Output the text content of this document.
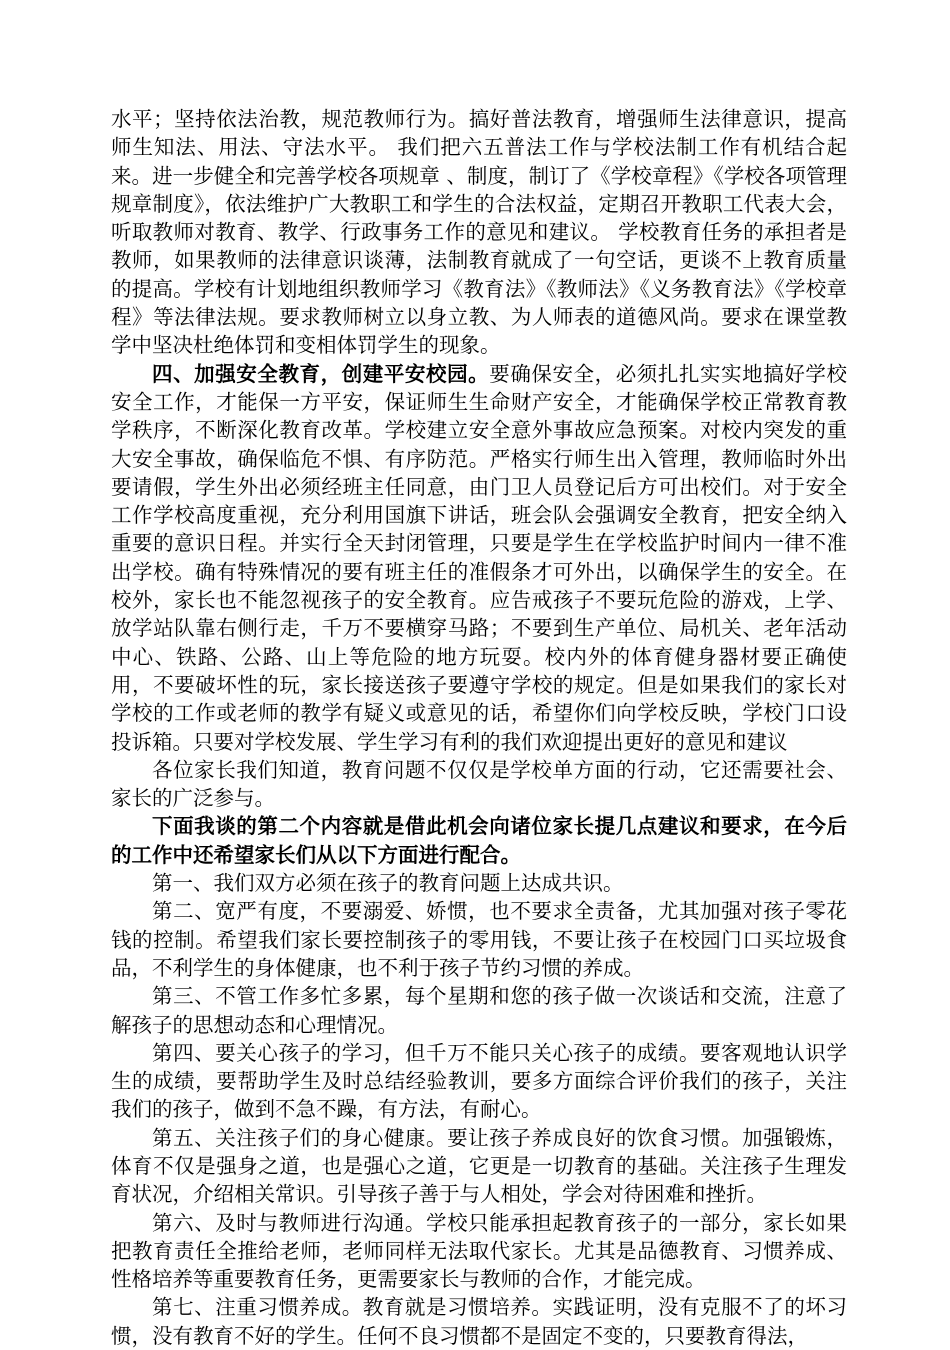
水平；坚持依法治教，规范教师行为。搞好普法教育，增强师生法律意识，提高师生知法、用法、守法水平。 我们把六五普法工作与学校法制工作有机结合起来。进一步健全和完善学校各项规章 、制度，制订了《学校章程》《学校各项管理规章制度》，依法维护广大教职工和学生的合法权益，定期召开教职工代表大会，听取教师对教育、教学、行政事务工作的意见和建议。 学校教育任务的承担者是教师，如果教师的法律意识谈薄，法制教育就成了一句空话，更谈不上教育质量的提高。学校有计划地组织教师学习《教育法》《教师法》《义务教育法》《学校章程》等法律法规。要求教师树立以身立教、为人师表的道德风尚。要求在课堂教学中坚决杜绝体罚和变相体罚学生的现象。

四、加强安全教育，创建平安校园。要确保安全，必须扎扎实实地搞好学校安全工作，才能保一方平安，保证师生生命财产安全，才能确保学校正常教育教学秩序，不断深化教育改革。学校建立安全意外事故应急预案。对校内突发的重大安全事故，确保临危不惧、有序防范。严格实行师生出入管理，教师临时外出要请假，学生外出必须经班主任同意，由门卫人员登记后方可出校们。对于安全工作学校高度重视，充分利用国旗下讲话，班会队会强调安全教育，把安全纳入重要的意识日程。并实行全天封闭管理，只要是学生在学校监护时间内一律不准出学校。确有特殊情况的要有班主任的准假条才可外出，以确保学生的安全。在校外，家长也不能忽视孩子的安全教育。应告戒孩子不要玩危险的游戏，上学、放学站队靠右侧行走，千万不要横穿马路；不要到生产单位、局机关、老年活动中心、铁路、公路、山上等危险的地方玩耍。校内外的体育健身器材要正确使用，不要破坏性的玩，家长接送孩子要遵守学校的规定。但是如果我们的家长对学校的工作或老师的教学有疑义或意见的话，希望你们向学校反映，学校门口设投诉箱。只要对学校发展、学生学习有利的我们欢迎提出更好的意见和建议

各位家长我们知道，教育问题不仅仅是学校单方面的行动，它还需要社会、家长的广泛参与。

下面我谈的第二个内容就是借此机会向诸位家长提几点建议和要求，在今后的工作中还希望家长们从以下方面进行配合。

第一、我们双方必须在孩子的教育问题上达成共识。

第二、宽严有度，不要溺爱、娇惯，也不要求全责备，尤其加强对孩子零花钱的控制。希望我们家长要控制孩子的零用钱，不要让孩子在校园门口买垃圾食品，不利学生的身体健康，也不利于孩子节约习惯的养成。

第三、不管工作多忙多累，每个星期和您的孩子做一次谈话和交流，注意了解孩子的思想动态和心理情况。

第四、要关心孩子的学习，但千万不能只关心孩子的成绩。要客观地认识学生的成绩，要帮助学生及时总结经验教训，要多方面综合评价我们的孩子，关注我们的孩子，做到不急不躁，有方法，有耐心。

第五、关注孩子们的身心健康。要让孩子养成良好的饮食习惯。加强锻炼，体育不仅是强身之道，也是强心之道，它更是一切教育的基础。关注孩子生理发育状况，介绍相关常识。引导孩子善于与人相处，学会对待困难和挫折。

第六、及时与教师进行沟通。学校只能承担起教育孩子的一部分，家长如果把教育责任全推给老师，老师同样无法取代家长。尤其是品德教育、习惯养成、性格培养等重要教育任务，更需要家长与教师的合作，才能完成。

第七、注重习惯养成。教育就是习惯培养。实践证明，没有克服不了的坏习惯，没有教育不好的学生。任何不良习惯都不是固定不变的，只要教育得法，
